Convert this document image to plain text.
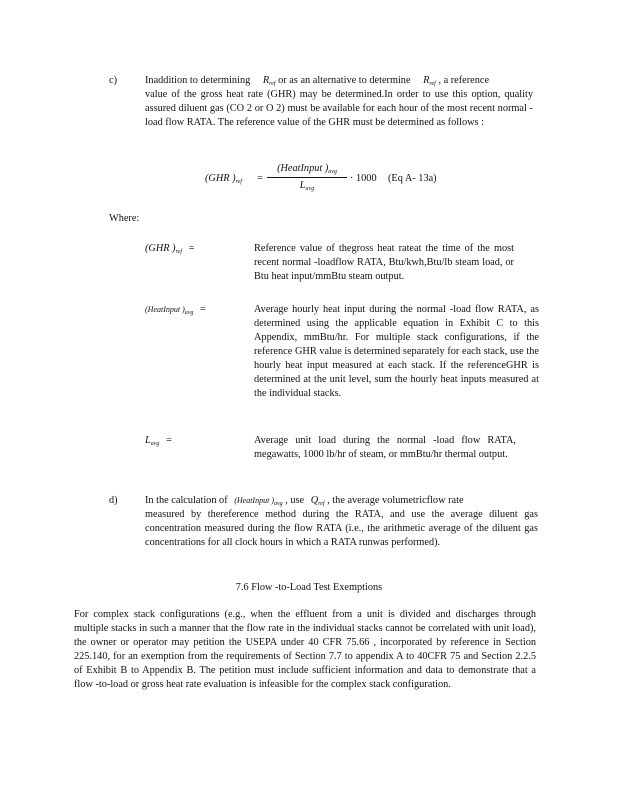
c)	Inaddition to determining $R_{ref}$ or as an alternative to determine $R_{ref}$ , a reference
value of the gross heat rate (GHR) may be determined.In order to use this option, quality assured diluent gas (CO 2 or O 2) must be available for each hour of the most recent normal -load flow RATA. The reference value of the GHR must be determined as follows :
(GHR )$_{ref}$ =
(HeatInput )$_{avg}$
$L_{avg}$
· 1000 (Eq A- 13a)
Where:
(GHR )$_{ref}$ =	Reference value of thegross heat rateat the time of the most recent normal -loadflow RATA, Btu/kwh,Btu/lb steam load, or Btu heat input/mmBtu steam output.
(HeatInput )$_{avg}$ =	Average hourly heat input during the normal -load flow RATA, as determined using the applicable equation in Exhibit C to this Appendix, mmBtu/hr. For multiple stack configurations, if the reference GHR value is determined separately for each stack, use the hourly heat input measured at each stack. If the referenceGHR is determined at the unit level, sum the hourly heat inputs measured at the individual stacks.
$L_{avg}$ =	Average unit load during the normal -load flow RATA, megawatts, 1000 lb/hr of steam, or mmBtu/hr thermal output.
d)	In the calculation of (HeatInput )$_{avg}$ , use $Q_{ref}$ , the average volumetricflow rate
measured by thereference method during the RATA, and use the average diluent gas concentration measured during the flow RATA (i.e., the arithmetic average of the diluent gas concentrations for all clock hours in which a RATA runwas performed).
7.6 Flow -to-Load Test Exemptions
For complex stack configurations (e.g., when the effluent from a unit is divided and discharges through multiple stacks in such a manner that the flow rate in the individual stacks cannot be correlated with unit load), the owner or operator may petition the USEPA under 40 CFR 75.66 , incorporated by reference in Section 225.140, for an exemption from the requirements of Section 7.7 to appendix A to 40CFR 75 and Section 2.2.5 of Exhibit B to Appendix B. The petition must include sufficient information and data to demonstrate that a flow -to-load or gross heat rate evaluation is infeasible for the complex stack configuration.
